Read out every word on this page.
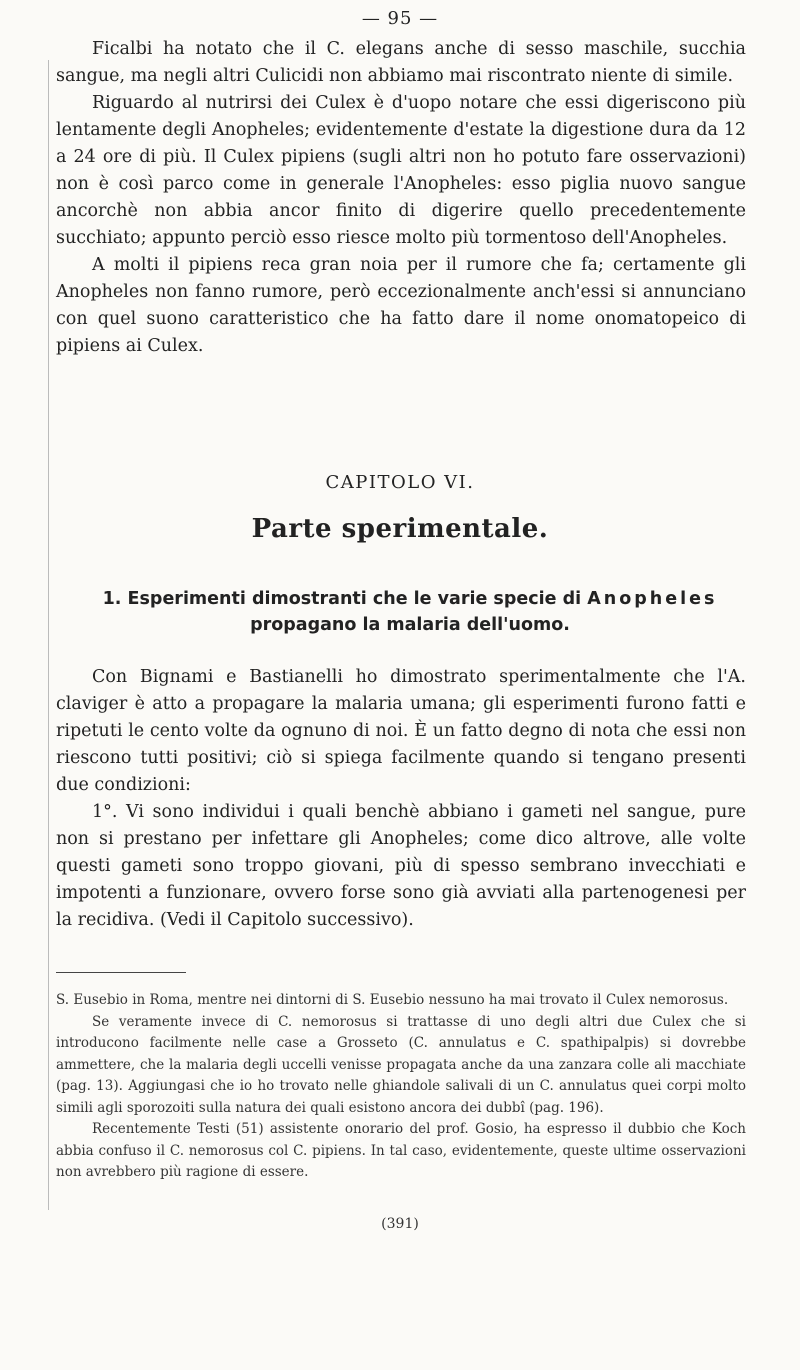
— 95 —

Ficalbi ha notato che il C. elegans anche di sesso maschile, succhia sangue, ma negli altri Culicidi non abbiamo mai riscontrato niente di simile.

Riguardo al nutrirsi dei Culex è d'uopo notare che essi digeriscono più lentamente degli Anopheles; evidentemente d'estate la digestione dura da 12 a 24 ore di più. Il Culex pipiens (sugli altri non ho potuto fare osservazioni) non è così parco come in generale l'Anopheles: esso piglia nuovo sangue ancorchè non abbia ancor finito di digerire quello precedentemente succhiato; appunto perciò esso riesce molto più tormentoso dell'Anopheles.

A molti il pipiens reca gran noia per il rumore che fa; certamente gli Anopheles non fanno rumore, però eccezionalmente anch'essi si annunciano con quel suono caratteristico che ha fatto dare il nome onomatopeico di pipiens ai Culex.

CAPITOLO VI.
Parte sperimentale.
1. Esperimenti dimostranti che le varie specie di Anopheles
propagano la malaria dell'uomo.

Con Bignami e Bastianelli ho dimostrato sperimentalmente che l'A. claviger è atto a propagare la malaria umana; gli esperimenti furono fatti e ripetuti le cento volte da ognuno di noi. È un fatto degno di nota che essi non riescono tutti positivi; ciò si spiega facilmente quando si tengano presenti due condizioni:

1°. Vi sono individui i quali benchè abbiano i gameti nel sangue, pure non si prestano per infettare gli Anopheles; come dico altrove, alle volte questi gameti sono troppo giovani, più di spesso sembrano invecchiati e impotenti a funzionare, ovvero forse sono già avviati alla partenogenesi per la recidiva. (Vedi il Capitolo successivo).

S. Eusebio in Roma, mentre nei dintorni di S. Eusebio nessuno ha mai trovato il Culex nemorosus.

Se veramente invece di C. nemorosus si trattasse di uno degli altri due Culex che si introducono facilmente nelle case a Grosseto (C. annulatus e C. spathipalpis) si dovrebbe ammettere, che la malaria degli uccelli venisse propagata anche da una zanzara colle ali macchiate (pag. 13). Aggiungasi che io ho trovato nelle ghiandole salivali di un C. annulatus quei corpi molto simili agli sporozoiti sulla natura dei quali esistono ancora dei dubbî (pag. 196).

Recentemente Testi (51) assistente onorario del prof. Gosio, ha espresso il dubbio che Koch abbia confuso il C. nemorosus col C. pipiens. In tal caso, evidentemente, queste ultime osservazioni non avrebbero più ragione di essere.

(391)
